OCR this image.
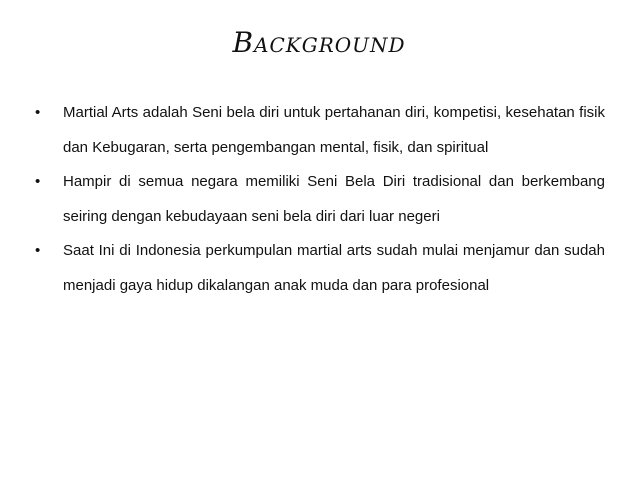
Background
• Martial Arts adalah Seni bela diri untuk pertahanan diri, kompetisi, kesehatan fisik dan Kebugaran, serta pengembangan mental, fisik, dan spiritual
• Hampir di semua negara memiliki Seni Bela Diri tradisional dan berkembang seiring dengan kebudayaan seni bela diri dari luar negeri
• Saat Ini di Indonesia perkumpulan martial arts sudah mulai menjamur dan sudah menjadi gaya hidup dikalangan anak muda dan para profesional
